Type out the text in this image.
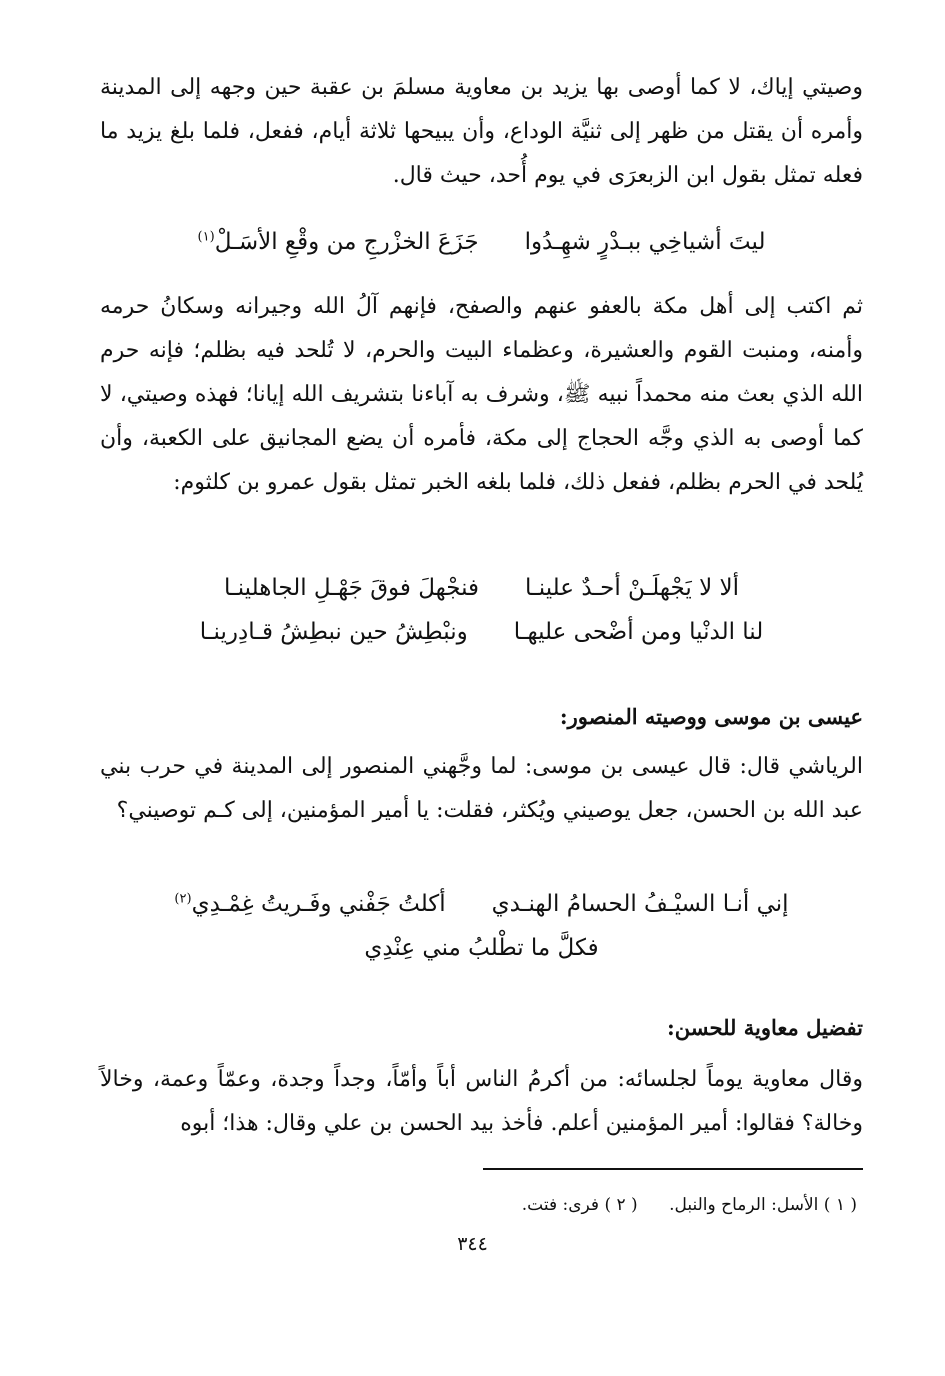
وصيتي إياك، لا كما أوصى بها يزيد بن معاوية مسلمَ بن عقبة حين وجهه إلى المدينة وأمره أن يقتل من ظهر إلى ثنيَّة الوداع، وأن يبيحها ثلاثة أيام، ففعل، فلما بلغ يزيد ما فعله تمثل بقول ابن الزبعرَى في يوم أُحد، حيث قال.

ليتَ أشياخِي ببـدْرٍ شهِـدُوا
جَزَعَ الخزْرجِ من وقْعِ الأسَـلْ$^{(١)}$

ثم اكتب إلى أهل مكة بالعفو عنهم والصفح، فإنهم آلُ الله وجيرانه وسكانُ حرمه وأمنه، ومنبت القوم والعشيرة، وعظماء البيت والحرم، لا تُلحد فيه بظلم؛ فإنه حرم الله الذي بعث منه محمداً نبيه ﷺ، وشرف به آباءنا بتشريف الله إيانا؛ فهذه وصيتي، لا كما أوصى به الذي وجَّه الحجاج إلى مكة، فأمره أن يضع المجانيق على الكعبة، وأن يُلحد في الحرم بظلم، ففعل ذلك، فلما بلغه الخبر تمثل بقول عمرو بن كلثوم:

ألا لا يَجْهلَـنْ أحـدٌ علينـا
فنجْهلَ فوقَ جَهْـلِ الجاهلينـا
لنا الدنْيا ومن أضْحى عليهـا
ونبْطِشُ حين نبطِشُ قـادِرينـا
عيسى بن موسى ووصيته المنصور:

الرياشي قال: قال عيسى بن موسى: لما وجَّهني المنصور إلى المدينة في حرب بني عبد الله بن الحسن، جعل يوصيني ويُكثر، فقلت: يا أمير المؤمنين، إلى كـم توصيني؟

إني أنـا السيْـفُ الحسامُ الهنـدي
أكلتُ جَفْني وفَـريتُ غِمْـدِي$^{(٢)}$
فكلَّ ما تطْلبُ مني عِنْدِي
تفضيل معاوية للحسن:

وقال معاوية يوماً لجلسائه: من أكرمُ الناس أباً وأمّاً، وجداً وجدة، وعمّاً وعمة، وخالاً وخالة؟ فقالوا: أمير المؤمنين أعلم. فأخذ بيد الحسن بن علي وقال: هذا؛ أبوه

( ١ ) الأسل: الرماح والنبل. ( ٢ ) فرى: فتت.
٣٤٤
